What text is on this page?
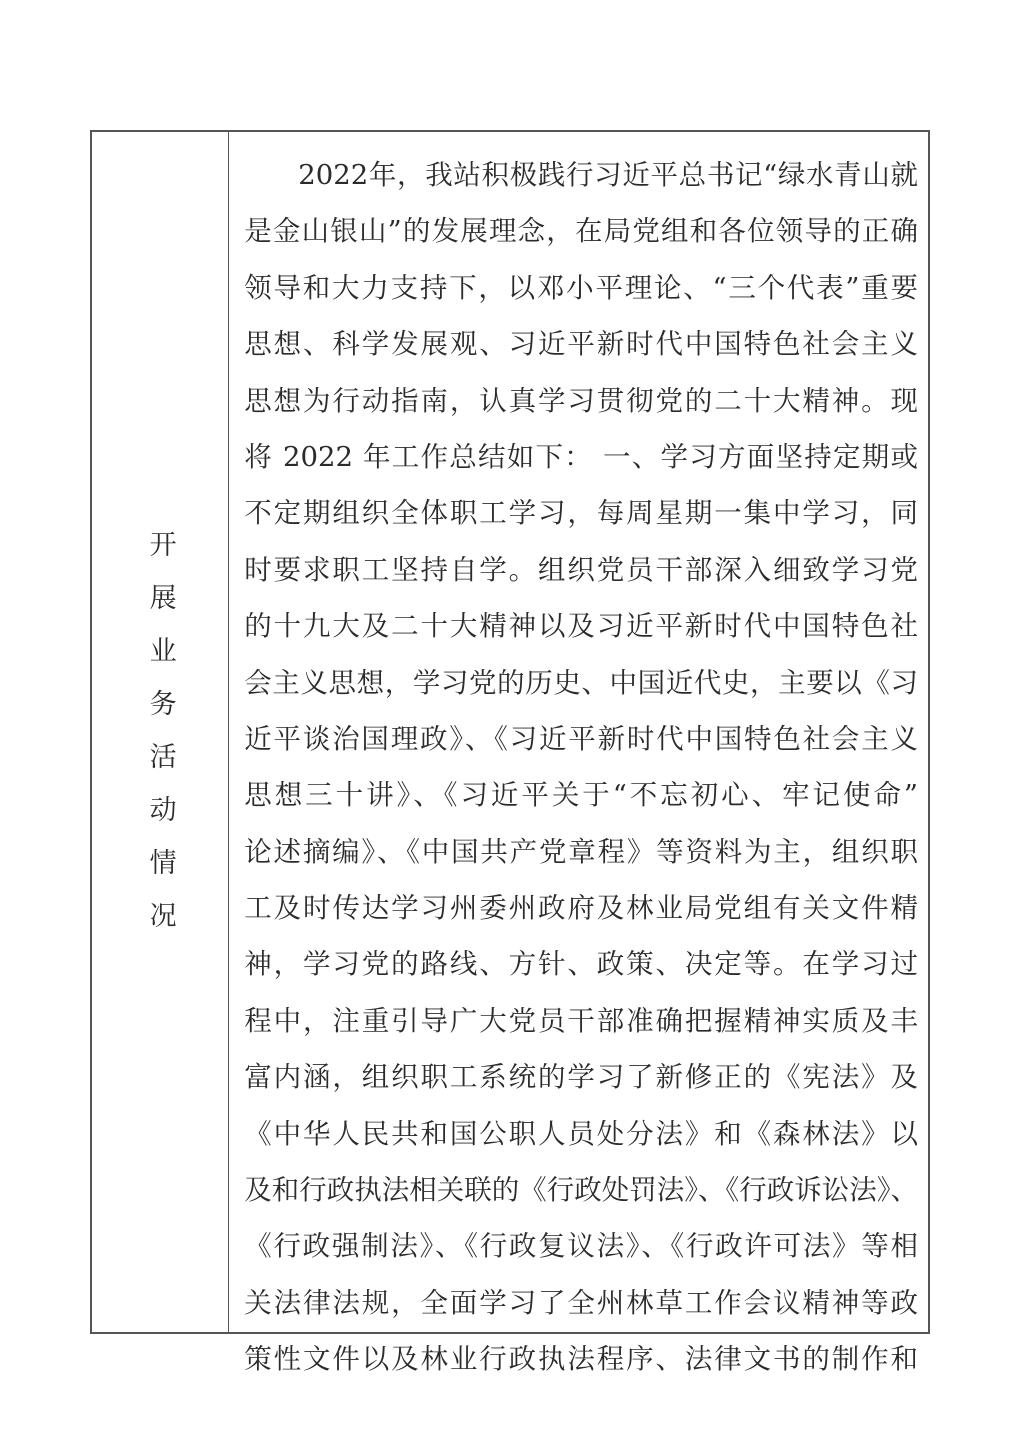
开展业务活动情况
2022年，我站积极践行习近平总书记“绿水青山就
是金山银山”的发展理念，在局党组和各位领导的正确
领导和大力支持下，以邓小平理论、“三个代表”重要
思想、科学发展观、习近平新时代中国特色社会主义
思想为行动指南，认真学习贯彻党的二十大精神。现
将 2022 年工作总结如下： 一、学习方面坚持定期或
不定期组织全体职工学习，每周星期一集中学习，同
时要求职工坚持自学。组织党员干部深入细致学习党
的十九大及二十大精神以及习近平新时代中国特色社
会主义思想，学习党的历史、中国近代史，主要以《习
近平谈治国理政》、《习近平新时代中国特色社会主义
思想三十讲》、《习近平关于“不忘初心、牢记使命”
论述摘编》、《中国共产党章程》等资料为主，组织职
工及时传达学习州委州政府及林业局党组有关文件精
神，学习党的路线、方针、政策、决定等。在学习过
程中，注重引导广大党员干部准确把握精神实质及丰
富内涵，组织职工系统的学习了新修正的《宪法》及
《中华人民共和国公职人员处分法》和《森林法》以
及和行政执法相关联的《行政处罚法》、《行政诉讼法》、
《行政强制法》、《行政复议法》、《行政许可法》等相
关法律法规，全面学习了全州林草工作会议精神等政
策性文件以及林业行政执法程序、法律文书的制作和
